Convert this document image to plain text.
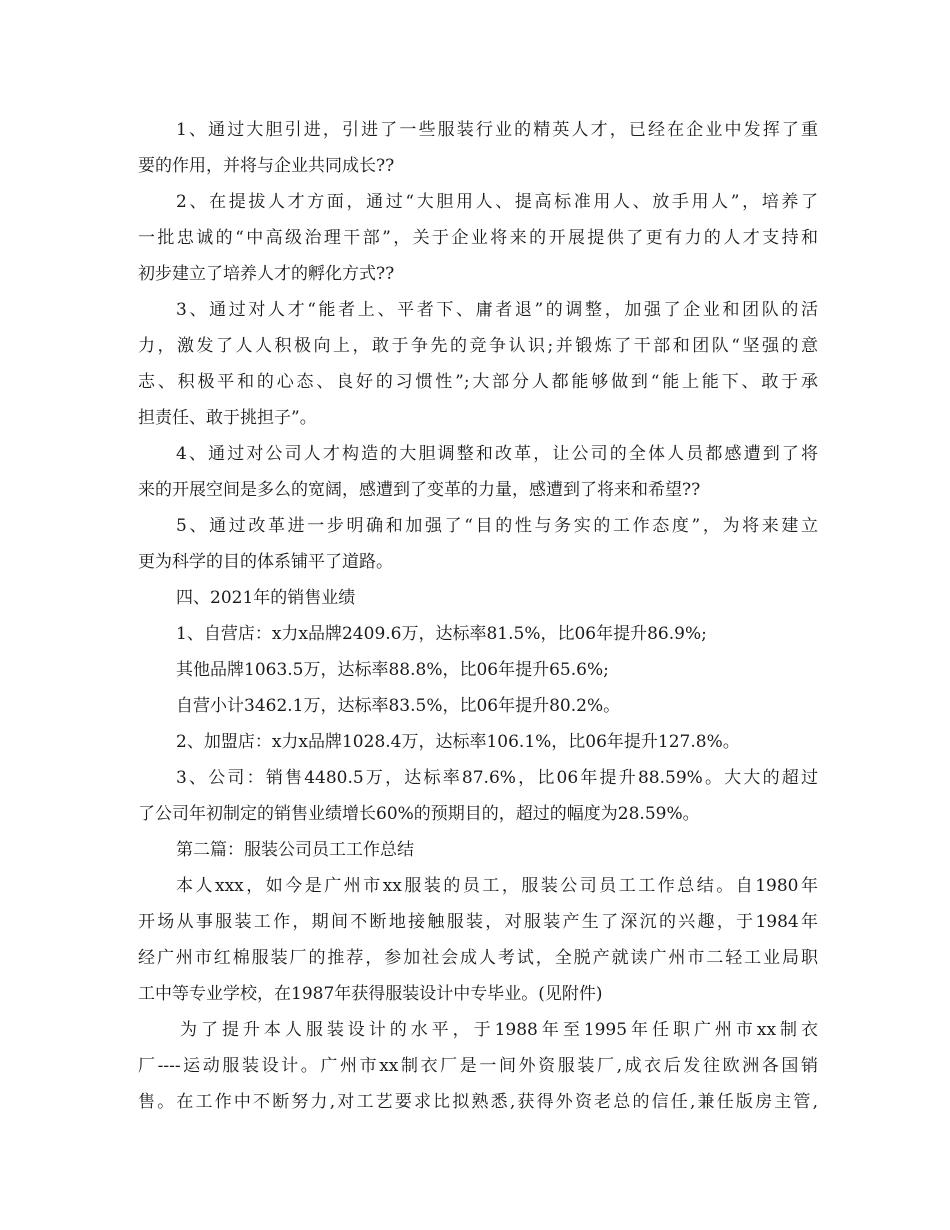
1、通过大胆引进，引进了一些服装行业的精英人才，已经在企业中发挥了重
要的作用，并将与企业共同成长??
2、在提拔人才方面，通过“大胆用人、提高标准用人、放手用人”，培养了
一批忠诚的“中高级治理干部”，关于企业将来的开展提供了更有力的人才支持和
初步建立了培养人才的孵化方式??
3、通过对人才“能者上、平者下、庸者退”的调整，加强了企业和团队的活
力，激发了人人积极向上，敢于争先的竞争认识;并锻炼了干部和团队“坚强的意
志、积极平和的心态、良好的习惯性”;大部分人都能够做到“能上能下、敢于承
担责任、敢于挑担子”。
4、通过对公司人才构造的大胆调整和改革，让公司的全体人员都感遭到了将
来的开展空间是多么的宽阔，感遭到了变革的力量，感遭到了将来和希望??
5、通过改革进一步明确和加强了“目的性与务实的工作态度”，为将来建立
更为科学的目的体系铺平了道路。
四、2021年的销售业绩
1、自营店：x力x品牌2409.6万，达标率81.5%，比06年提升86.9%;
其他品牌1063.5万，达标率88.8%，比06年提升65.6%;
自营小计3462.1万，达标率83.5%，比06年提升80.2%。
2、加盟店：x力x品牌1028.4万，达标率106.1%，比06年提升127.8%。
3、公司：销售4480.5万，达标率87.6%，比06年提升88.59%。大大的超过
了公司年初制定的销售业绩增长60%的预期目的，超过的幅度为28.59%。
第二篇：服装公司员工工作总结
本人xxx，如今是广州市xx服装的员工，服装公司员工工作总结。自1980年
开场从事服装工作，期间不断地接触服装，对服装产生了深沉的兴趣，于1984年
经广州市红棉服装厂的推荐，参加社会成人考试，全脱产就读广州市二轻工业局职
工中等专业学校，在1987年获得服装设计中专毕业。(见附件)
为了提升本人服装设计的水平，于1988年至1995年任职广州市xx制衣
厂----运动服装设计。广州市xx制衣厂是一间外资服装厂,成衣后发往欧洲各国销
售。在工作中不断努力,对工艺要求比拟熟悉,获得外资老总的信任,兼任版房主管,
